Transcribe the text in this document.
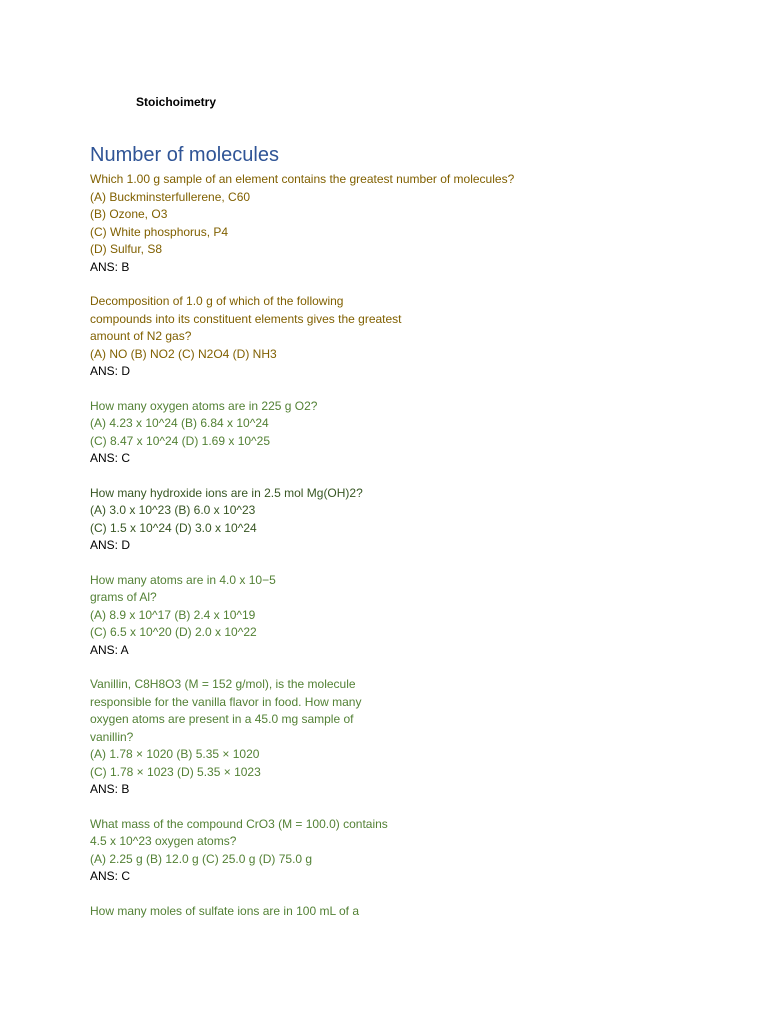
Stoichoimetry
Number of molecules
Which 1.00 g sample of an element contains the greatest number of molecules?
(A) Buckminsterfullerene, C60
(B) Ozone, O3
(C) White phosphorus, P4
(D) Sulfur, S8
ANS: B
Decomposition of 1.0 g of which of the following
compounds into its constituent elements gives the greatest
amount of N2 gas?
(A) NO (B) NO2 (C) N2O4 (D) NH3
ANS: D
How many oxygen atoms are in 225 g O2?
(A) 4.23 x 10^24 (B) 6.84 x 10^24
(C) 8.47 x 10^24 (D) 1.69 x 10^25
ANS: C
How many hydroxide ions are in 2.5 mol Mg(OH)2?
(A) 3.0 x 10^23 (B) 6.0 x 10^23
(C) 1.5 x 10^24 (D) 3.0 x 10^24
ANS: D
How many atoms are in 4.0 x 10−5
grams of Al?
(A) 8.9 x 10^17 (B) 2.4 x 10^19
(C) 6.5 x 10^20 (D) 2.0 x 10^22
ANS: A
Vanillin, C8H8O3 (M = 152 g/mol), is the molecule
responsible for the vanilla flavor in food. How many
oxygen atoms are present in a 45.0 mg sample of
vanillin?
(A) 1.78 × 1020 (B) 5.35 × 1020
(C) 1.78 × 1023 (D) 5.35 × 1023
ANS: B
What mass of the compound CrO3 (M = 100.0) contains
4.5 x 10^23 oxygen atoms?
(A) 2.25 g (B) 12.0 g (C) 25.0 g (D) 75.0 g
ANS: C
How many moles of sulfate ions are in 100 mL of a
